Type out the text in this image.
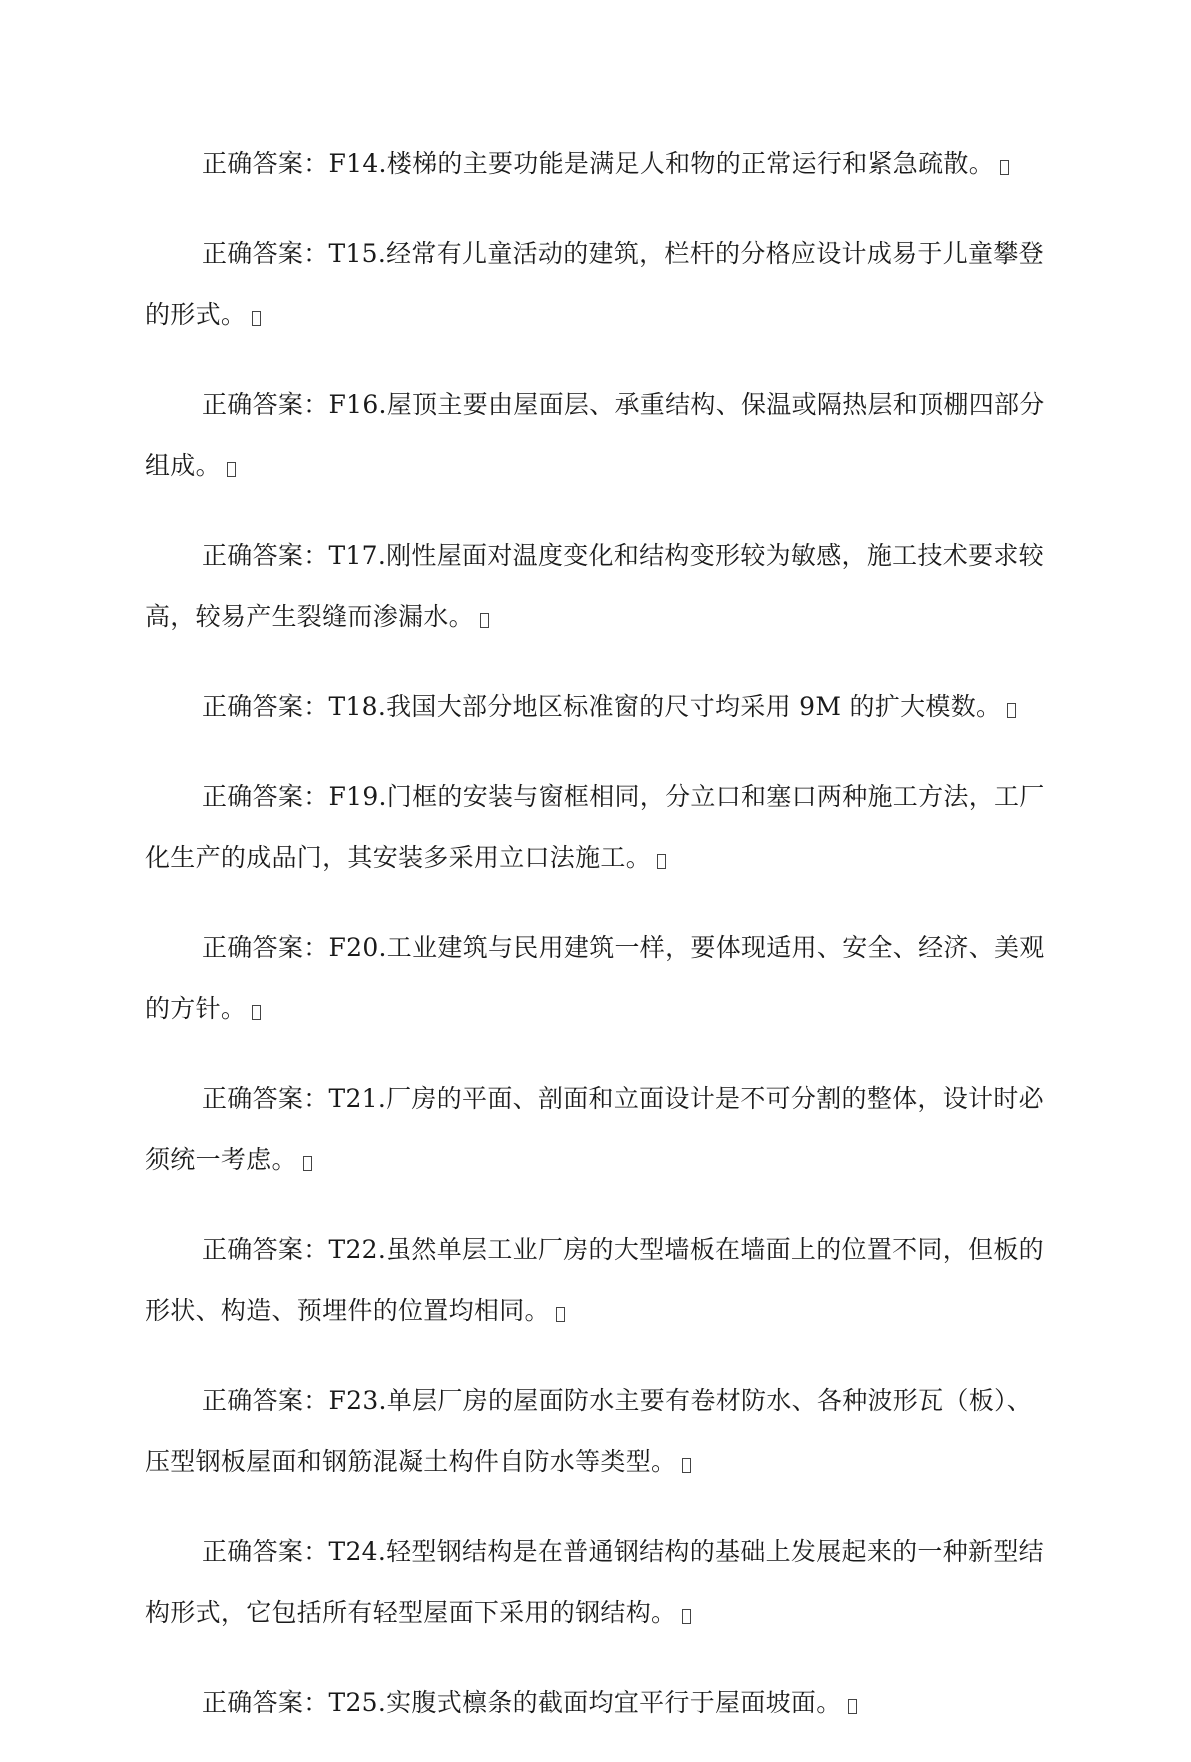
正确答案：F14.楼梯的主要功能是满足人和物的正常运行和紧急疏散。

正确答案：T15.经常有儿童活动的建筑，栏杆的分格应设计成易于儿童攀登的形式。

正确答案：F16.屋顶主要由屋面层、承重结构、保温或隔热层和顶棚四部分组成。

正确答案：T17.刚性屋面对温度变化和结构变形较为敏感，施工技术要求较高，较易产生裂缝而渗漏水。

正确答案：T18.我国大部分地区标准窗的尺寸均采用 9M 的扩大模数。

正确答案：F19.门框的安装与窗框相同，分立口和塞口两种施工方法，工厂化生产的成品门，其安装多采用立口法施工。

正确答案：F20.工业建筑与民用建筑一样，要体现适用、安全、经济、美观的方针。

正确答案：T21.厂房的平面、剖面和立面设计是不可分割的整体，设计时必须统一考虑。

正确答案：T22.虽然单层工业厂房的大型墙板在墙面上的位置不同，但板的形状、构造、预埋件的位置均相同。

正确答案：F23.单层厂房的屋面防水主要有卷材防水、各种波形瓦（板）、压型钢板屋面和钢筋混凝土构件自防水等类型。

正确答案：T24.轻型钢结构是在普通钢结构的基础上发展起来的一种新型结构形式，它包括所有轻型屋面下采用的钢结构。

正确答案：T25.实腹式檩条的截面均宜平行于屋面坡面。
